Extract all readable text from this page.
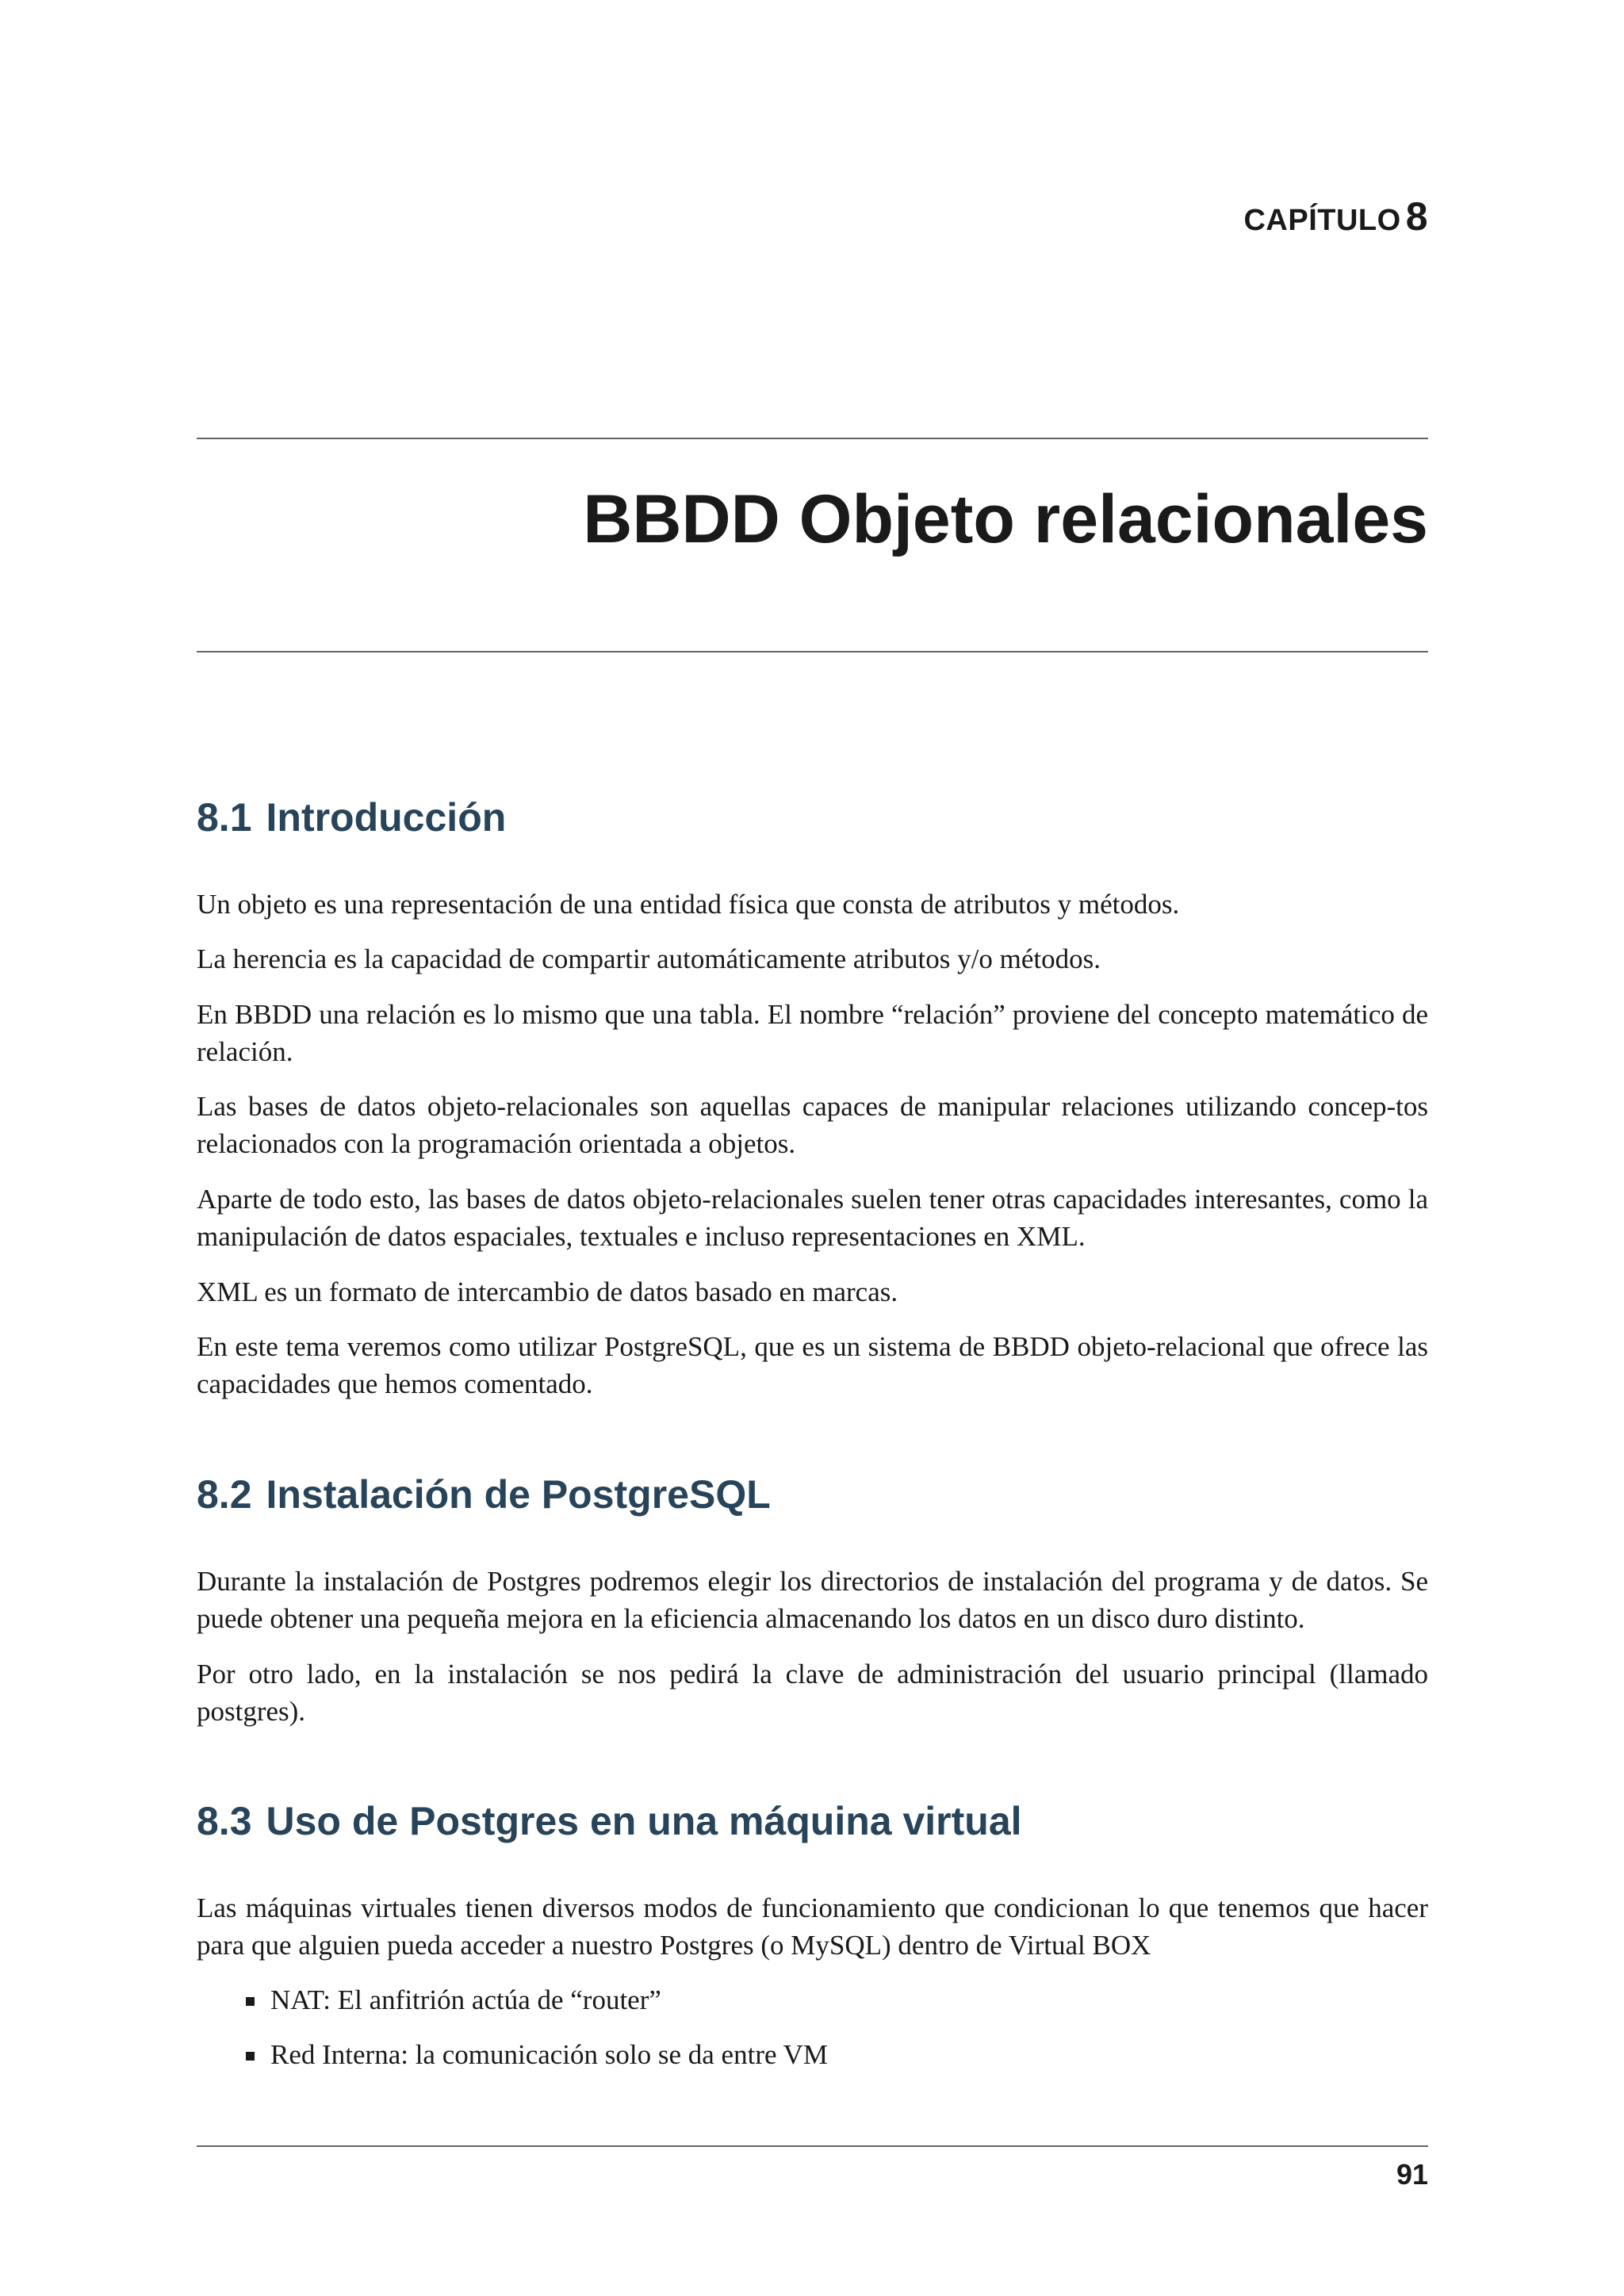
CAPÍTULO 8
BBDD Objeto relacionales
8.1 Introducción

Un objeto es una representación de una entidad física que consta de atributos y métodos.

La herencia es la capacidad de compartir automáticamente atributos y/o métodos.

En BBDD una relación es lo mismo que una tabla. El nombre “relación” proviene del concepto matemático de relación.

Las bases de datos objeto-relacionales son aquellas capaces de manipular relaciones utilizando concep-tos relacionados con la programación orientada a objetos.

Aparte de todo esto, las bases de datos objeto-relacionales suelen tener otras capacidades interesantes, como la manipulación de datos espaciales, textuales e incluso representaciones en XML.

XML es un formato de intercambio de datos basado en marcas.

En este tema veremos como utilizar PostgreSQL, que es un sistema de BBDD objeto-relacional que ofrece las capacidades que hemos comentado.

8.2 Instalación de PostgreSQL

Durante la instalación de Postgres podremos elegir los directorios de instalación del programa y de datos. Se puede obtener una pequeña mejora en la eficiencia almacenando los datos en un disco duro distinto.

Por otro lado, en la instalación se nos pedirá la clave de administración del usuario principal (llamado postgres).

8.3 Uso de Postgres en una máquina virtual

Las máquinas virtuales tienen diversos modos de funcionamiento que condicionan lo que tenemos que hacer para que alguien pueda acceder a nuestro Postgres (o MySQL) dentro de Virtual BOX

NAT: El anfitrión actúa de “router”
Red Interna: la comunicación solo se da entre VM
91
